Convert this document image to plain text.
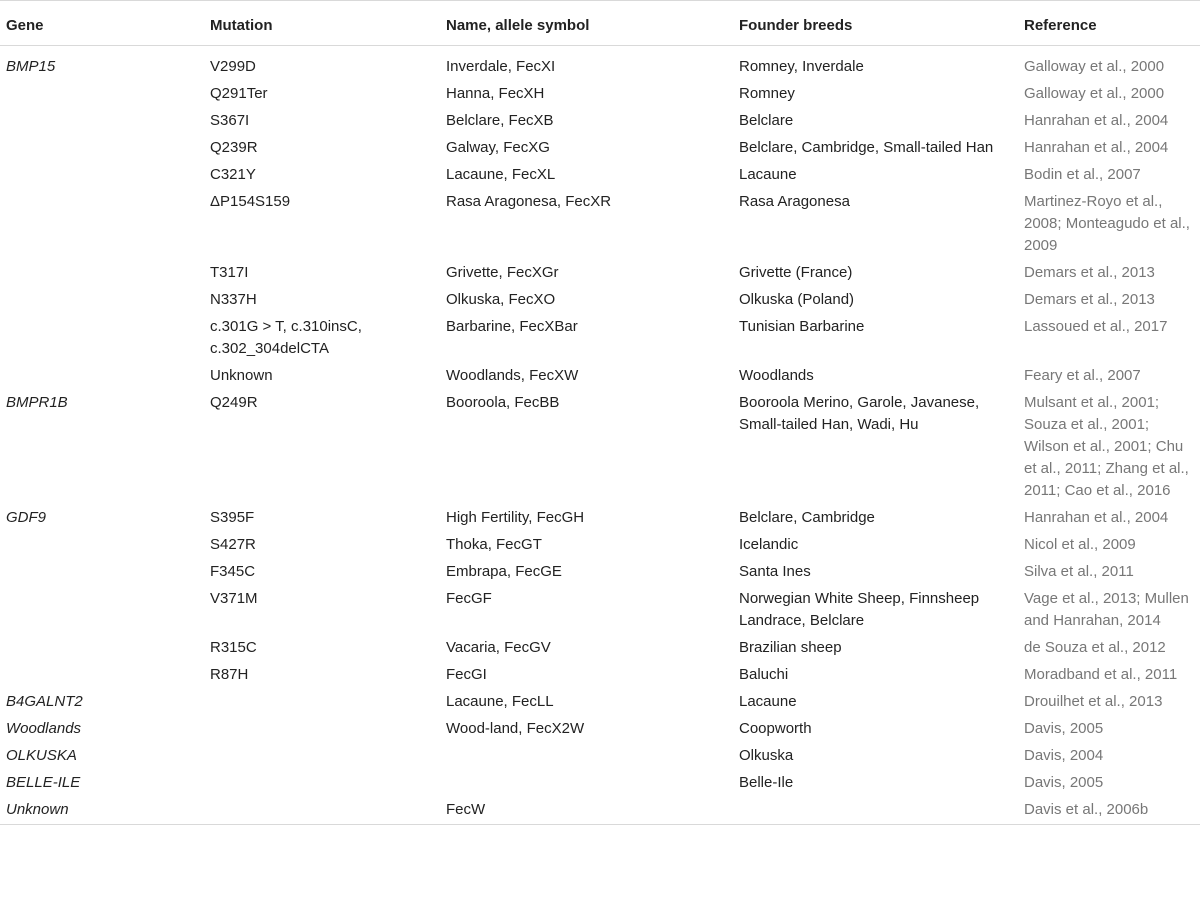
Gene	Mutation	Name, allele symbol	Founder breeds	Reference
BMP15	V299D	Inverdale, FecXI	Romney, Inverdale	Galloway et al., 2000
	Q291Ter	Hanna, FecXH	Romney	Galloway et al., 2000
	S367I	Belclare, FecXB	Belclare	Hanrahan et al., 2004
	Q239R	Galway, FecXG	Belclare, Cambridge, Small-tailed Han	Hanrahan et al., 2004
	C321Y	Lacaune, FecXL	Lacaune	Bodin et al., 2007
	ΔP154S159	Rasa Aragonesa, FecXR	Rasa Aragonesa	Martinez-Royo et al., 2008; Monteagudo et al., 2009
	T317I	Grivette, FecXGr	Grivette (France)	Demars et al., 2013
	N337H	Olkuska, FecXO	Olkuska (Poland)	Demars et al., 2013
	c.301G > T, c.310insC, c.302_304delCTA	Barbarine, FecXBar	Tunisian Barbarine	Lassoued et al., 2017
	Unknown	Woodlands, FecXW	Woodlands	Feary et al., 2007
BMPR1B	Q249R	Booroola, FecBB	Booroola Merino, Garole, Javanese, Small-tailed Han, Wadi, Hu	Mulsant et al., 2001; Souza et al., 2001; Wilson et al., 2001; Chu et al., 2011; Zhang et al., 2011; Cao et al., 2016
GDF9	S395F	High Fertility, FecGH	Belclare, Cambridge	Hanrahan et al., 2004
	S427R	Thoka, FecGT	Icelandic	Nicol et al., 2009
	F345C	Embrapa, FecGE	Santa Ines	Silva et al., 2011
	V371M	FecGF	Norwegian White Sheep, Finnsheep Landrace, Belclare	Vage et al., 2013; Mullen and Hanrahan, 2014
	R315C	Vacaria, FecGV	Brazilian sheep	de Souza et al., 2012
	R87H	FecGI	Baluchi	Moradband et al., 2011
B4GALNT2		Lacaune, FecLL	Lacaune	Drouilhet et al., 2013
Woodlands		Wood-land, FecX2W	Coopworth	Davis, 2005
OLKUSKA			Olkuska	Davis, 2004
BELLE-ILE			Belle-Ile	Davis, 2005
Unknown		FecW		Davis et al., 2006b
